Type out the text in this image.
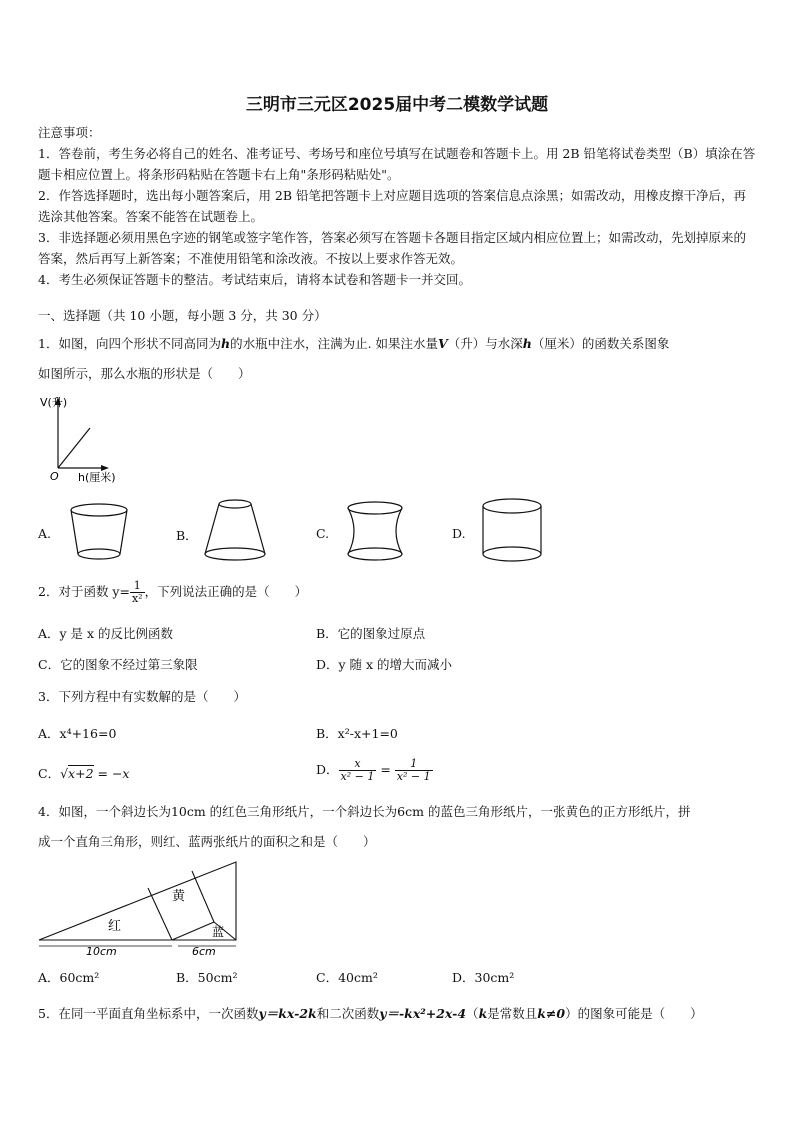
三明市三元区2025届中考二模数学试题

注意事项：

1．答卷前，考生务必将自己的姓名、准考证号、考场号和座位号填写在试题卷和答题卡上。用 2B 铅笔将试卷类型（B）填涂在答题卡相应位置上。将条形码粘贴在答题卡右上角"条形码粘贴处"。

2．作答选择题时，选出每小题答案后，用 2B 铅笔把答题卡上对应题目选项的答案信息点涂黑；如需改动，用橡皮擦干净后，再选涂其他答案。答案不能答在试题卷上。

3．非选择题必须用黑色字迹的钢笔或签字笔作答，答案必须写在答题卡各题目指定区域内相应位置上；如需改动，先划掉原来的答案，然后再写上新答案；不准使用铅笔和涂改液。不按以上要求作答无效。

4．考生必须保证答题卡的整洁。考试结束后，请将本试卷和答题卡一并交回。

一、选择题（共 10 小题，每小题 3 分，共 30 分）
1．如图，向四个形状不同高同为h的水瓶中注水，注满为止. 如果注水量V（升）与水深h（厘米）的函数关系图象
如图所示，那么水瓶的形状是（　　）
V(升)
O h(厘米)
A.	B．	C.	D.
2．对于函数 $y= \frac{1}{\text{x²}}$ ，下列说法正确的是（　　）
A．y 是 x 的反比例函数	B．它的图象过原点
C．它的图象不经过第三象限	D．y 随 x 的增大而减小
3．下列方程中有实数解的是（　　）
A．x⁴+16=0	B．x²-x+1=0
C．√x+2 = −x	D． $\frac{x}{\text{x² − 1}} = \frac{1}{\text{x² − 1}}$
4．如图，一个斜边长为10cm 的红色三角形纸片，一个斜边长为6cm 的蓝色三角形纸片，一张黄色的正方形纸片，拼
成一个直角三角形，则红、蓝两张纸片的面积之和是（　　）
红
黄
蓝
10cm	6cm
A．60cm²	B．50cm²	C．40cm²	D．30cm²
5．在同一平面直角坐标系中，一次函数y＝kx-2k和二次函数y＝-kx²+2x-4（k是常数且k≠0）的图象可能是（　　）
